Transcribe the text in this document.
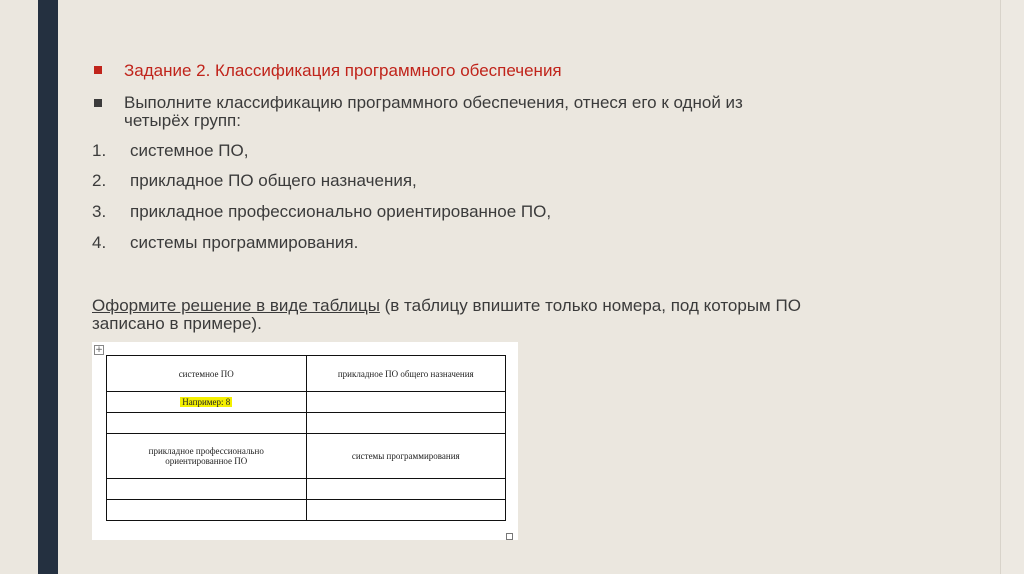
Задание 2. Классификация программного обеспечения
Выполните классификацию программного обеспечения, отнеся его к одной из
четырёх групп:
1. системное ПО,
2. прикладное ПО общего назначения,
3. прикладное профессионально ориентированное ПО,
4. системы программирования.
Оформите решение в виде таблицы (в таблицу впишите только номера, под которым ПО
записано в примере).
+
системное ПО	прикладное ПО общего назначения
Например: 8	

прикладное профессионально
ориентированное ПО	системы программирования
